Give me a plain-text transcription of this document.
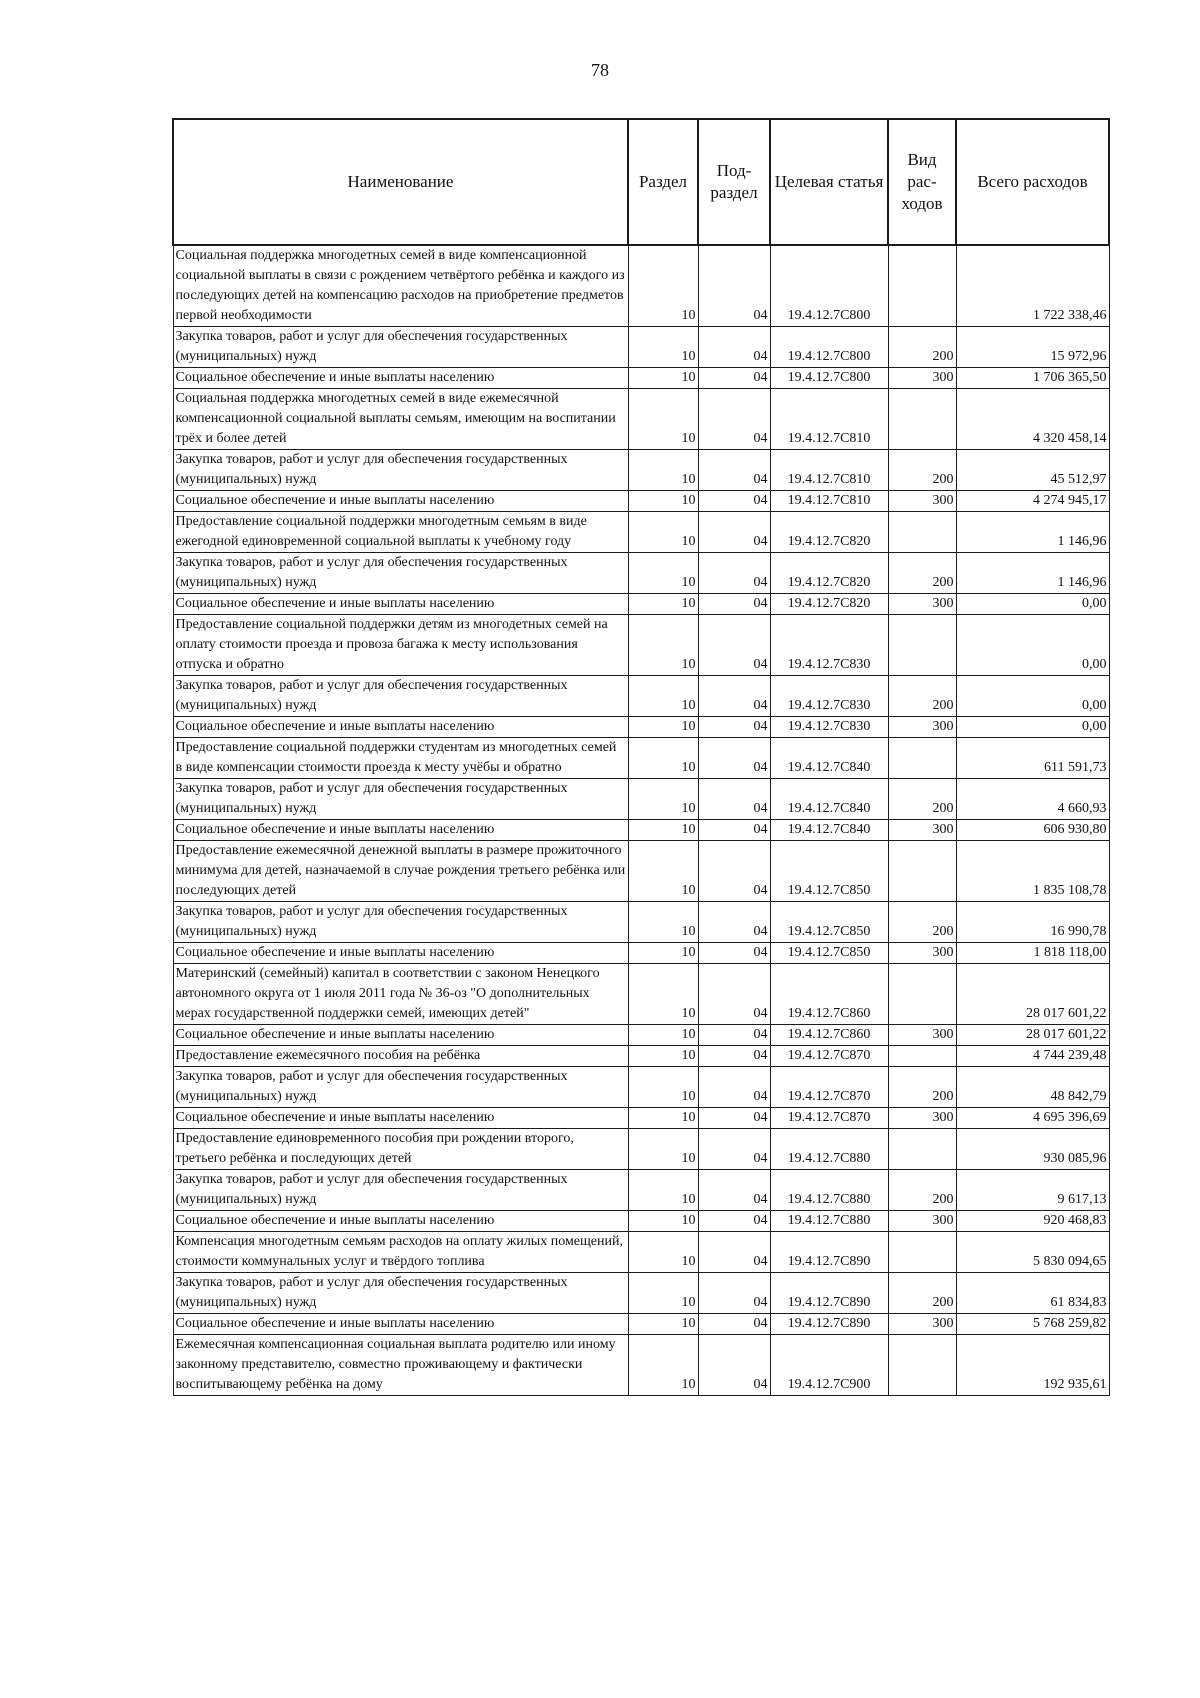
78
Наименование	Раздел	Под-раздел	Целевая статья	Вид рас-ходов	Всего расходов
Социальная поддержка многодетных семей в виде компенсационной социальной выплаты в связи с рождением четвёртого ребёнка и каждого из последующих детей на компенсацию расходов на приобретение предметов первой необходимости	10	04	19.4.12.7С800		1 722 338,46
Закупка товаров, работ и услуг для обеспечения государственных (муниципальных) нужд	10	04	19.4.12.7С800	200	15 972,96
Социальное обеспечение и иные выплаты населению	10	04	19.4.12.7С800	300	1 706 365,50
Социальная поддержка многодетных семей в виде ежемесячной компенсационной социальной выплаты семьям, имеющим на воспитании трёх и более детей	10	04	19.4.12.7С810		4 320 458,14
Закупка товаров, работ и услуг для обеспечения государственных (муниципальных) нужд	10	04	19.4.12.7С810	200	45 512,97
Социальное обеспечение и иные выплаты населению	10	04	19.4.12.7С810	300	4 274 945,17
Предоставление социальной поддержки многодетным семьям в виде ежегодной единовременной социальной выплаты к учебному году	10	04	19.4.12.7С820		1 146,96
Закупка товаров, работ и услуг для обеспечения государственных (муниципальных) нужд	10	04	19.4.12.7С820	200	1 146,96
Социальное обеспечение и иные выплаты населению	10	04	19.4.12.7С820	300	0,00
Предоставление социальной поддержки детям из многодетных семей на оплату стоимости проезда и провоза багажа к месту использования отпуска и обратно	10	04	19.4.12.7С830		0,00
Закупка товаров, работ и услуг для обеспечения государственных (муниципальных) нужд	10	04	19.4.12.7С830	200	0,00
Социальное обеспечение и иные выплаты населению	10	04	19.4.12.7С830	300	0,00
Предоставление социальной поддержки студентам из многодетных семей в виде компенсации стоимости проезда к месту учёбы и обратно	10	04	19.4.12.7С840		611 591,73
Закупка товаров, работ и услуг для обеспечения государственных (муниципальных) нужд	10	04	19.4.12.7С840	200	4 660,93
Социальное обеспечение и иные выплаты населению	10	04	19.4.12.7С840	300	606 930,80
Предоставление ежемесячной денежной выплаты в размере прожиточного минимума для детей, назначаемой в случае рождения третьего ребёнка или последующих детей	10	04	19.4.12.7С850		1 835 108,78
Закупка товаров, работ и услуг для обеспечения государственных (муниципальных) нужд	10	04	19.4.12.7С850	200	16 990,78
Социальное обеспечение и иные выплаты населению	10	04	19.4.12.7С850	300	1 818 118,00
Материнский (семейный) капитал в соответствии с законом Ненецкого автономного округа от 1 июля 2011 года № 36-оз "О дополнительных мерах государственной поддержки семей, имеющих детей"	10	04	19.4.12.7С860		28 017 601,22
Социальное обеспечение и иные выплаты населению	10	04	19.4.12.7С860	300	28 017 601,22
Предоставление ежемесячного пособия на ребёнка	10	04	19.4.12.7С870		4 744 239,48
Закупка товаров, работ и услуг для обеспечения государственных (муниципальных) нужд	10	04	19.4.12.7С870	200	48 842,79
Социальное обеспечение и иные выплаты населению	10	04	19.4.12.7С870	300	4 695 396,69
Предоставление единовременного пособия при рождении второго, третьего ребёнка и последующих детей	10	04	19.4.12.7С880		930 085,96
Закупка товаров, работ и услуг для обеспечения государственных (муниципальных) нужд	10	04	19.4.12.7С880	200	9 617,13
Социальное обеспечение и иные выплаты населению	10	04	19.4.12.7С880	300	920 468,83
Компенсация многодетным семьям расходов на оплату жилых помещений, стоимости коммунальных услуг и твёрдого топлива	10	04	19.4.12.7С890		5 830 094,65
Закупка товаров, работ и услуг для обеспечения государственных (муниципальных) нужд	10	04	19.4.12.7С890	200	61 834,83
Социальное обеспечение и иные выплаты населению	10	04	19.4.12.7С890	300	5 768 259,82
Ежемесячная компенсационная социальная выплата родителю или иному законному представителю, совместно проживающему и фактически воспитывающему ребёнка на дому	10	04	19.4.12.7С900		192 935,61
